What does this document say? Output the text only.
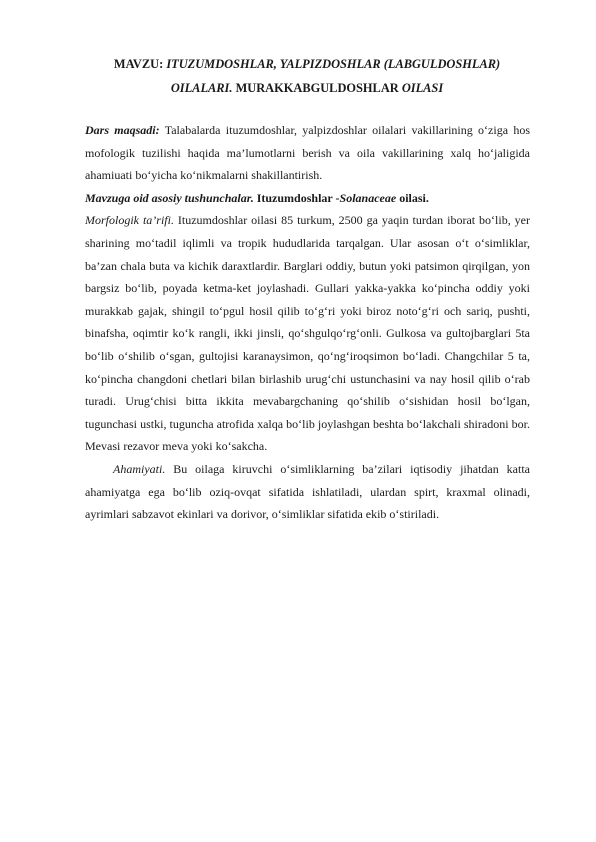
MAVZU: ITUZUMDOSHLAR, YALPIZDOSHLAR (LABGULDOSHLAR) OILALARI. MURAKKABGULDOSHLAR OILASI

Dars maqsadi: Talabalarda ituzumdoshlar, yalpizdoshlar oilalari vakillarining o‘ziga hos mofologik tuzilishi haqida ma’lumotlarni berish va oila vakillarining xalq ho‘jaligida ahamiuati bo‘yicha ko‘nikmalarni shakillantirish.

Mavzuga oid asosiy tushunchalar. Ituzumdoshlar -Solanaceae oilasi.

Morfologik ta’rifi. Ituzumdoshlar oilasi 85 turkum, 2500 ga yaqin turdan iborat bo‘lib, yer sharining mo‘tadil iqlimli va tropik hududlarida tarqalgan. Ular asosan o‘t o‘simliklar, ba’zan chala buta va kichik daraxtlardir. Barglari oddiy, butun yoki patsimon qirqilgan, yon bargsiz bo‘lib, poyada ketma-ket joylashadi. Gullari yakka-yakka ko‘pincha oddiy yoki murakkab gajak, shingil to‘pgul hosil qilib to‘g‘ri yoki biroz noto‘g‘ri och sariq, pushti, binafsha, oqimtir ko‘k rangli, ikki jinsli, qo‘shgulqo‘rg‘onli. Gulkosa va gultojbarglari 5ta bo‘lib o‘shilib o‘sgan, gultojisi karanaysimon, qo‘ng‘iroqsimon bo‘ladi. Changchilar 5 ta, ko‘pincha changdoni chetlari bilan birlashib urug‘chi ustunchasini va nay hosil qilib o‘rab turadi. Urug‘chisi bitta ikkita mevabargchaning qo‘shilib o‘sishidan hosil bo‘lgan, tugunchasi ustki, tuguncha atrofida xalqa bo‘lib joylashgan beshta bo‘lakchali shiradoni bor. Mevasi rezavor meva yoki ko‘sakcha.

Ahamiyati. Bu oilaga kiruvchi o‘simliklarning ba’zilari iqtisodiy jihatdan katta ahamiyatga ega bo‘lib oziq-ovqat sifatida ishlatiladi, ulardan spirt, kraxmal olinadi, ayrimlari sabzavot ekinlari va dorivor, o‘simliklar sifatida ekib o‘stiriladi.
